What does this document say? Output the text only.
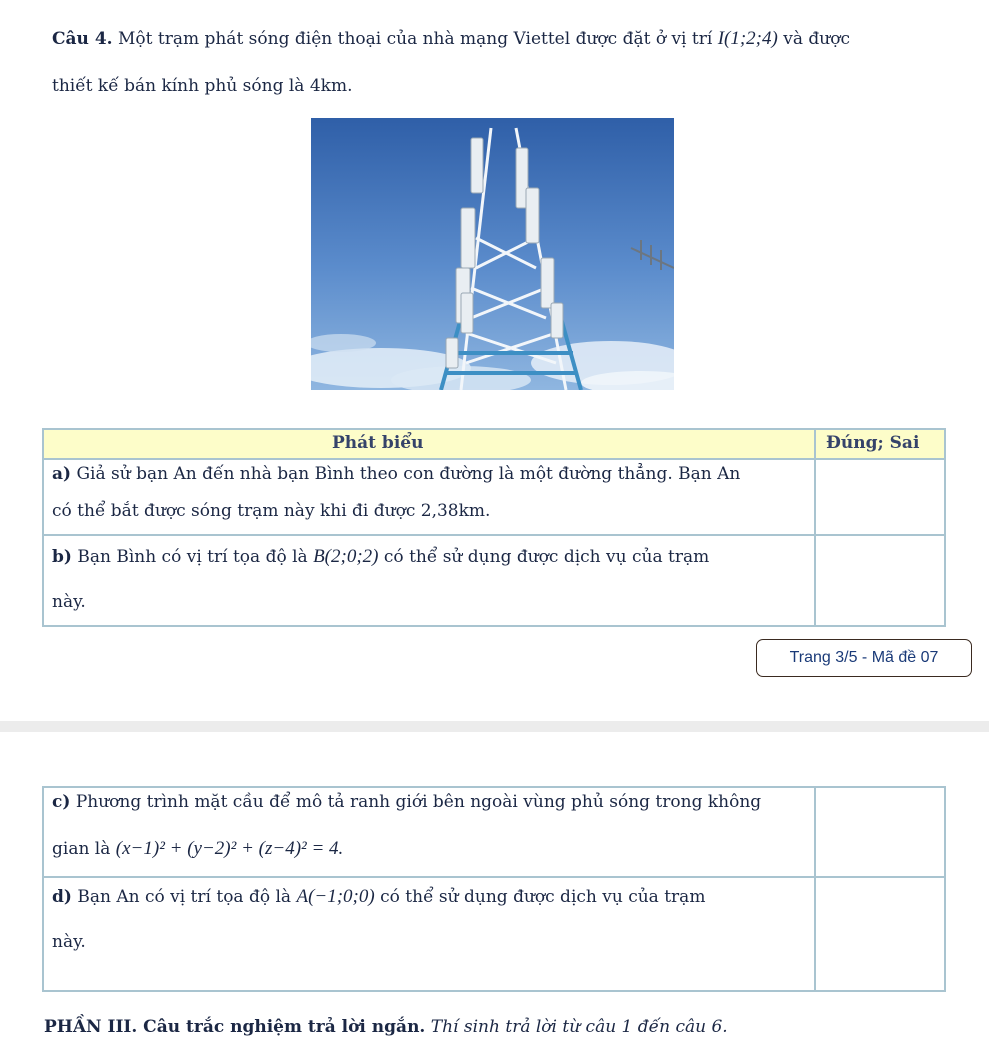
Câu 4. Một trạm phát sóng điện thoại của nhà mạng Viettel được đặt ở vị trí I(1;2;4) và được
thiết kế bán kính phủ sóng là 4km.
Phát biểu	Đúng; Sai
a) Giả sử bạn An đến nhà bạn Bình theo con đường là một đường thẳng. Bạn An
có thể bắt được sóng trạm này khi đi được 2,38km.
b) Bạn Bình có vị trí tọa độ là B(2;0;2) có thể sử dụng được dịch vụ của trạm
này.
Trang 3/5 - Mã đề 07
c) Phương trình mặt cầu để mô tả ranh giới bên ngoài vùng phủ sóng trong không
gian là (x−1)² + (y−2)² + (z−4)² = 4.
d) Bạn An có vị trí tọa độ là A(−1;0;0) có thể sử dụng được dịch vụ của trạm
này.
PHẦN III. Câu trắc nghiệm trả lời ngắn. Thí sinh trả lời từ câu 1 đến câu 6.
